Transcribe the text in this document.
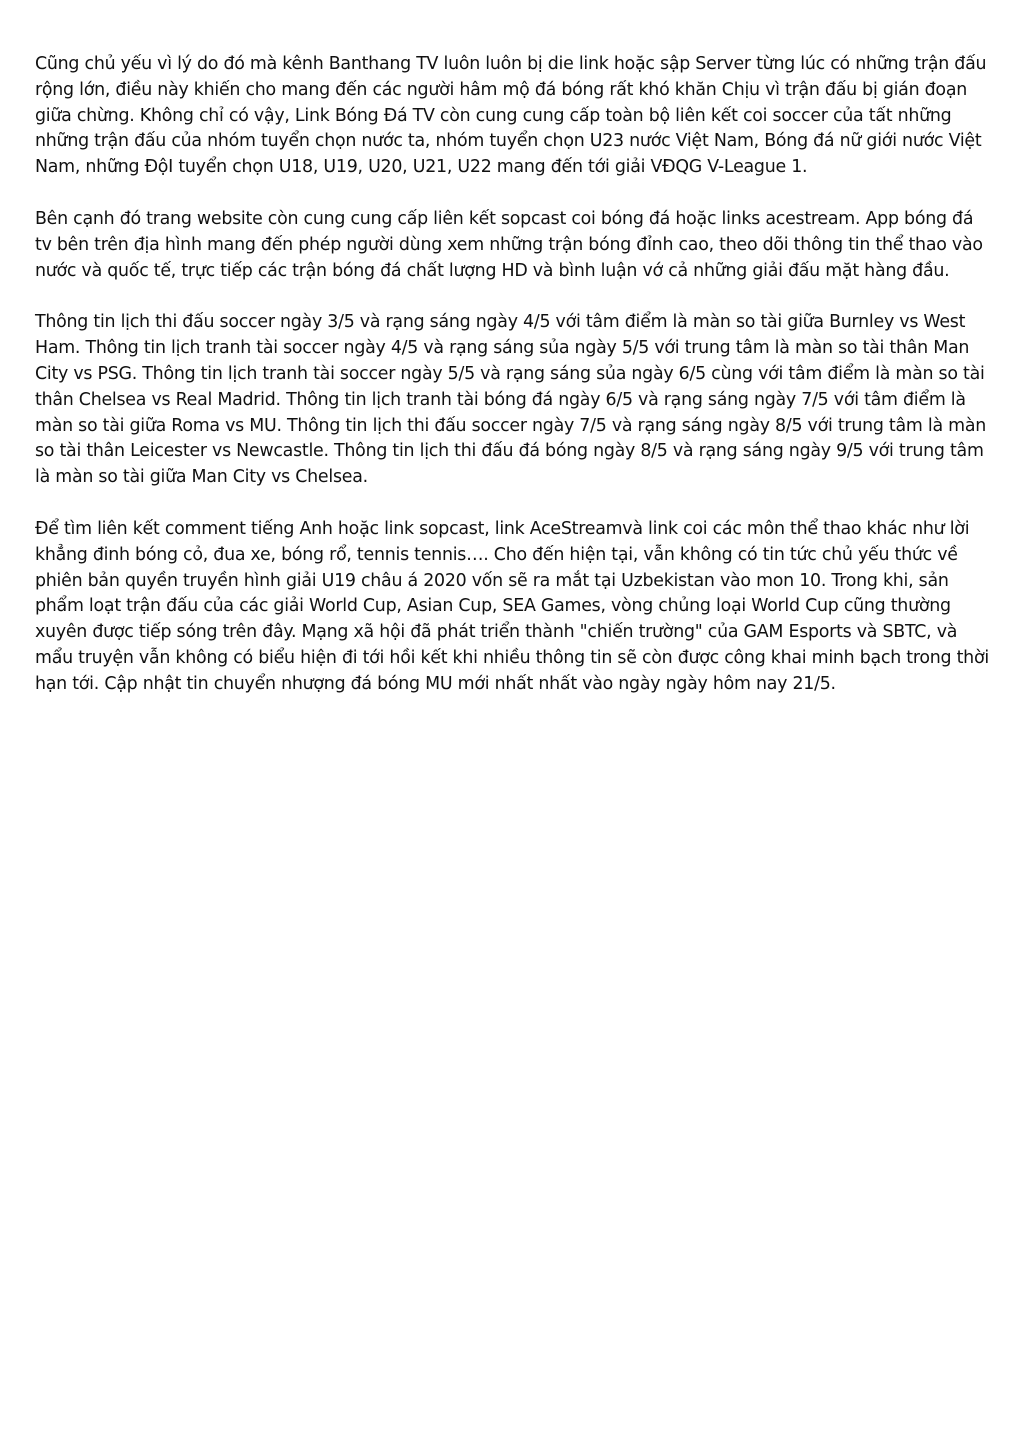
Cũng chủ yếu vì lý do đó mà kênh Banthang TV luôn luôn bị die link hoặc sập Server từng lúc có những trận đấu rộng lớn, điều này khiến cho mang đến các người hâm mộ đá bóng rất khó khăn Chịu vì trận đấu bị gián đoạn giữa chừng. Không chỉ có vậy, Link Bóng Đá TV còn cung cung cấp toàn bộ liên kết coi soccer của tất những những trận đấu của nhóm tuyển chọn nước ta, nhóm tuyển chọn U23 nước Việt Nam, Bóng đá nữ giới nước Việt Nam, những ĐộI tuyển chọn U18, U19, U20, U21, U22 mang đến tới giải VĐQG V-League 1.

Bên cạnh đó trang website còn cung cung cấp liên kết sopcast coi bóng đá hoặc links acestream. App bóng đá tv bên trên địa hình mang đến phép người dùng xem những trận bóng đỉnh cao, theo dõi thông tin thể thao vào nước và quốc tế, trực tiếp các trận bóng đá chất lượng HD và bình luận vớ cả những giải đấu mặt hàng đầu.

Thông tin lịch thi đấu soccer ngày 3/5 và rạng sáng ngày 4/5 với tâm điểm là màn so tài giữa Burnley vs West Ham. Thông tin lịch tranh tài soccer ngày 4/5 và rạng sáng sủa ngày 5/5 với trung tâm là màn so tài thân Man City vs PSG. Thông tin lịch tranh tài soccer ngày 5/5 và rạng sáng sủa ngày 6/5 cùng với tâm điểm là màn so tài thân Chelsea vs Real Madrid. Thông tin lịch tranh tài bóng đá ngày 6/5 và rạng sáng ngày 7/5 với tâm điểm là màn so tài giữa Roma vs MU. Thông tin lịch thi đấu soccer ngày 7/5 và rạng sáng ngày 8/5 với trung tâm là màn so tài thân Leicester vs Newcastle. Thông tin lịch thi đấu đá bóng ngày 8/5 và rạng sáng ngày 9/5 với trung tâm là màn so tài giữa Man City vs Chelsea.

Để tìm liên kết comment tiếng Anh hoặc link sopcast, link AceStreamvà link coi các môn thể thao khác như lời khẳng đinh bóng cỏ, đua xe, bóng rổ, tennis tennis…. Cho đến hiện tại, vẫn không có tin tức chủ yếu thức về phiên bản quyền truyền hình giải U19 châu á 2020 vốn sẽ ra mắt tại Uzbekistan vào mon 10. Trong khi, sản phẩm loạt trận đấu của các giải World Cup, Asian Cup, SEA Games, vòng chủng loại World Cup cũng thường xuyên được tiếp sóng trên đây. Mạng xã hội đã phát triển thành "chiến trường" của GAM Esports và SBTC, và mẩu truyện vẫn không có biểu hiện đi tới hồi kết khi nhiều thông tin sẽ còn được công khai minh bạch trong thời hạn tới. Cập nhật tin chuyển nhượng đá bóng MU mới nhất nhất vào ngày ngày hôm nay 21/5.
